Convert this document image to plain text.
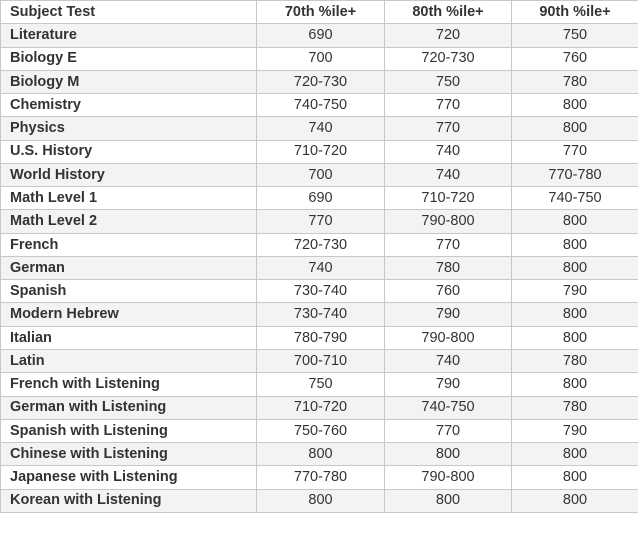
Subject Test	70th %ile+	80th %ile+	90th %ile+
Literature	690	720	750
Biology E	700	720-730	760
Biology M	720-730	750	780
Chemistry	740-750	770	800
Physics	740	770	800
U.S. History	710-720	740	770
World History	700	740	770-780
Math Level 1	690	710-720	740-750
Math Level 2	770	790-800	800
French	720-730	770	800
German	740	780	800
Spanish	730-740	760	790
Modern Hebrew	730-740	790	800
Italian	780-790	790-800	800
Latin	700-710	740	780
French with Listening	750	790	800
German with Listening	710-720	740-750	780
Spanish with Listening	750-760	770	790
Chinese with Listening	800	800	800
Japanese with Listening	770-780	790-800	800
Korean with Listening	800	800	800
